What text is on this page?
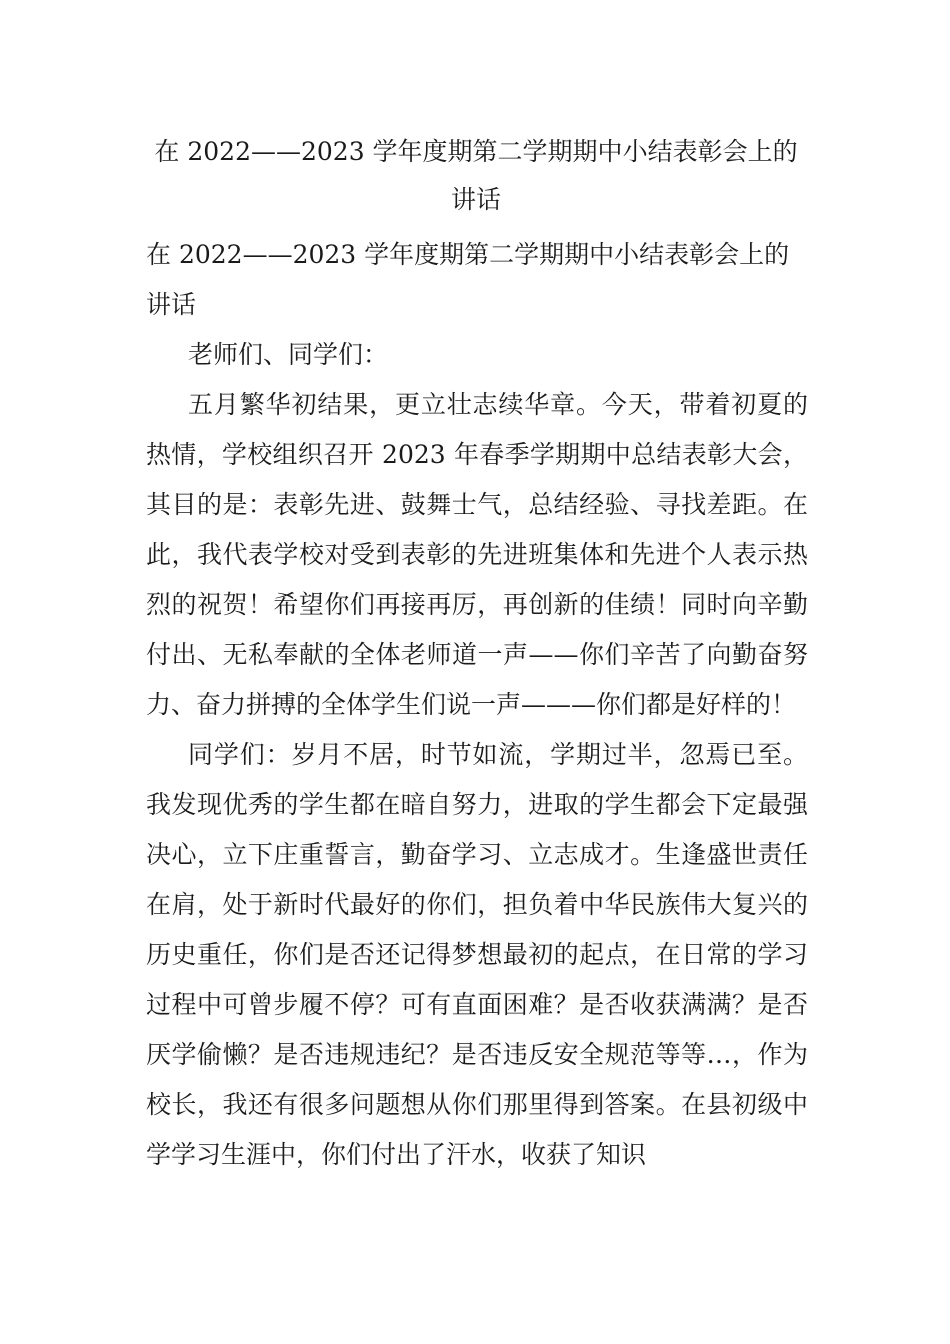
在 2022——2023 学年度期第二学期期中小结表彰会上的讲话
在 2022——2023 学年度期第二学期期中小结表彰会上的讲话

老师们、同学们：

五月繁华初结果，更立壮志续华章。今天，带着初夏的热情，学校组织召开 2023 年春季学期期中总结表彰大会，其目的是：表彰先进、鼓舞士气，总结经验、寻找差距。在此，我代表学校对受到表彰的先进班集体和先进个人表示热烈的祝贺！希望你们再接再厉，再创新的佳绩！同时向辛勤付出、无私奉献的全体老师道一声——你们辛苦了向勤奋努力、奋力拼搏的全体学生们说一声———你们都是好样的！

同学们：岁月不居，时节如流，学期过半，忽焉已至。我发现优秀的学生都在暗自努力，进取的学生都会下定最强决心，立下庄重誓言，勤奋学习、立志成才。生逢盛世责任在肩，处于新时代最好的你们，担负着中华民族伟大复兴的历史重任，你们是否还记得梦想最初的起点，在日常的学习过程中可曾步履不停？可有直面困难？是否收获满满？是否厌学偷懒？是否违规违纪？是否违反安全规范等等…，作为校长，我还有很多问题想从你们那里得到答案。在县初级中学学习生涯中，你们付出了汗水，收获了知识
